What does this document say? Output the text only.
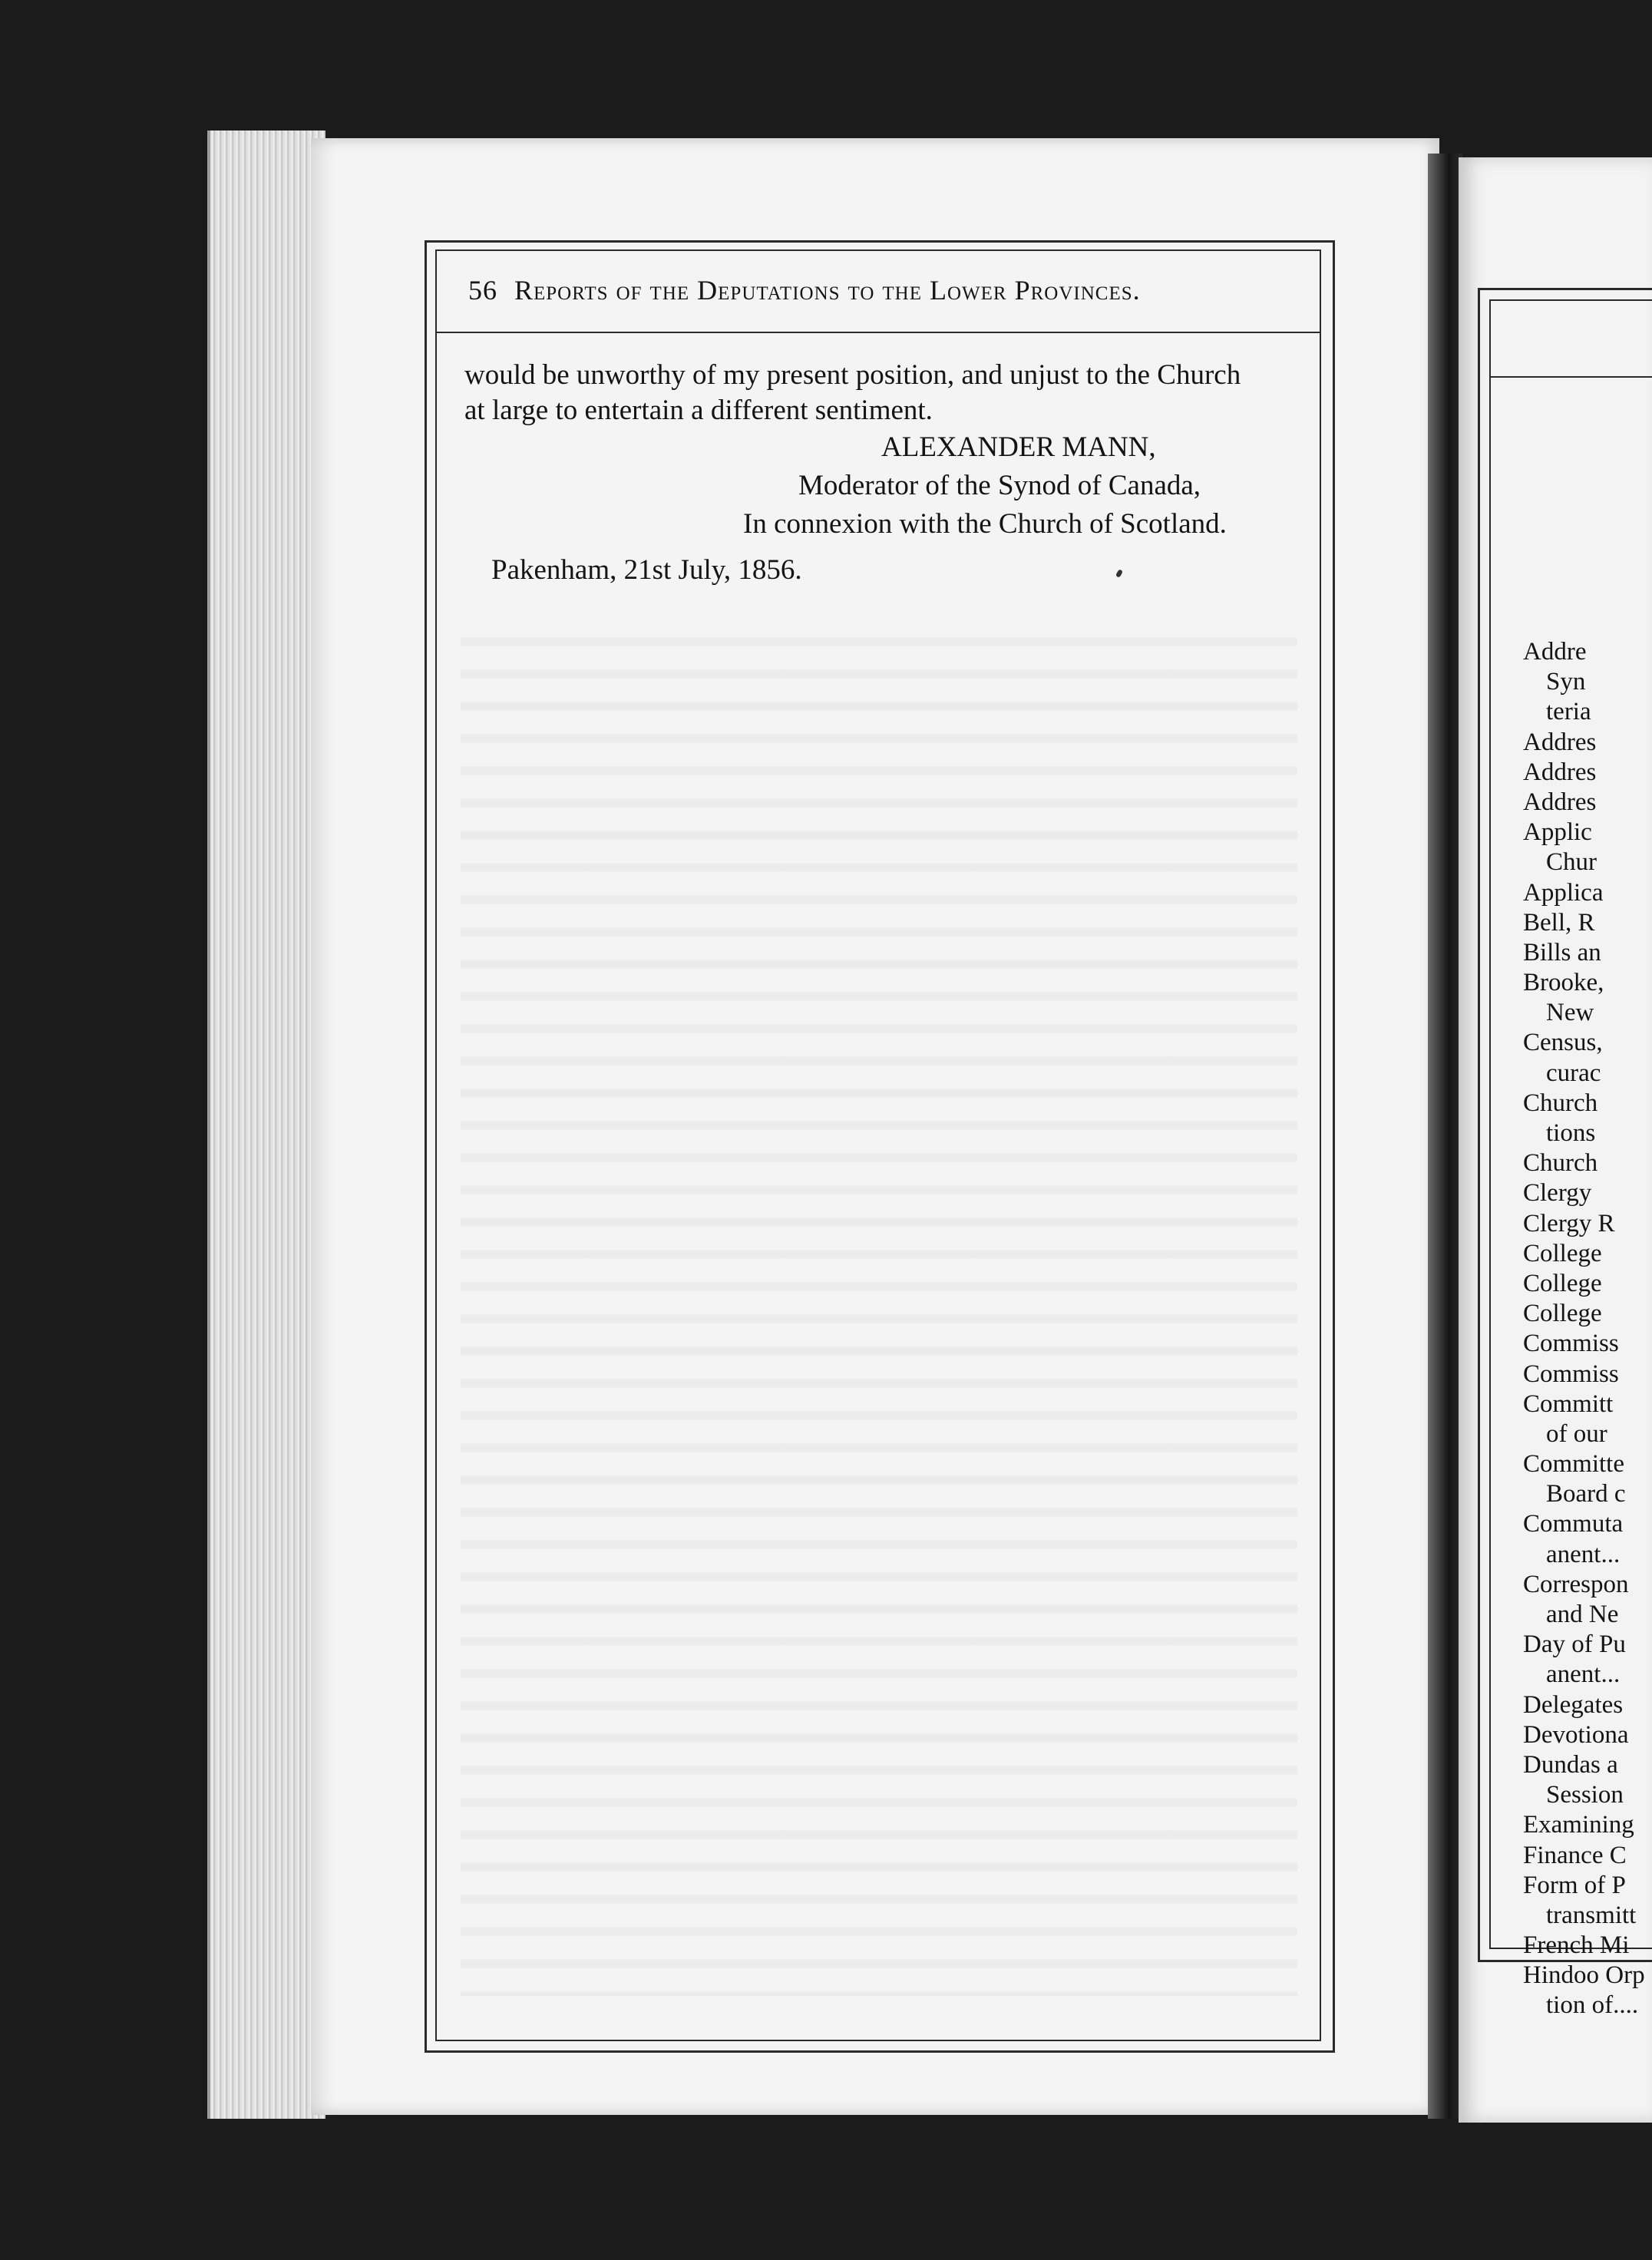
56 Reports of the Deputations to the Lower Provinces.
would be unworthy of my present position, and unjust to the Church
at large to entertain a different sentiment.
ALEXANDER MANN,
Moderator of the Synod of Canada,
In connexion with the Church of Scotland.
Pakenham, 21st July, 1856.
Addre
Syn
teria
Addres
Addres
Addres
Applic
Chur
Applica
Bell, R
Bills an
Brooke,
New
Census,
curac
Church
tions
Church
Clergy
Clergy R
College
College
College
Commiss
Commiss
Committ
of our
Committe
Board c
Commuta
anent...
Correspon
and Ne
Day of Pu
anent...
Delegates
Devotiona
Dundas a
Session
Examining
Finance C
Form of P
transmitt
French Mi
Hindoo Orp
tion of....
